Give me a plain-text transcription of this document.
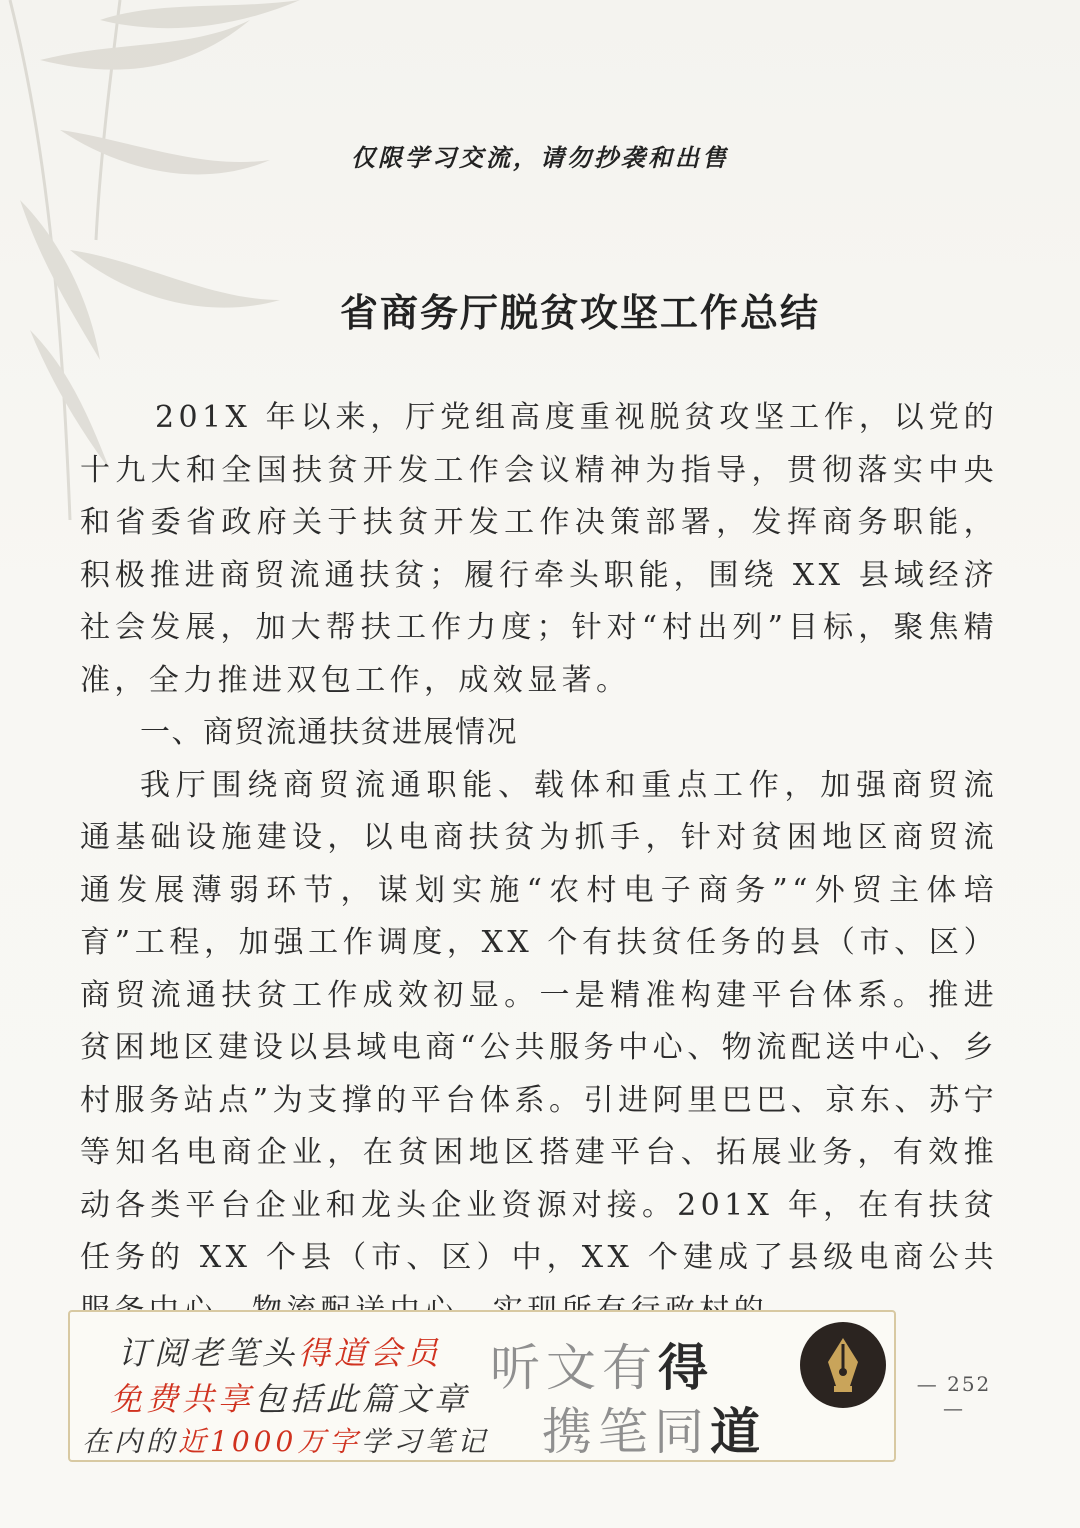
仅限学习交流，请勿抄袭和出售
省商务厅脱贫攻坚工作总结

201X 年以来，厅党组高度重视脱贫攻坚工作，以党的十九大和全国扶贫开发工作会议精神为指导，贯彻落实中央和省委省政府关于扶贫开发工作决策部署，发挥商务职能，积极推进商贸流通扶贫；履行牵头职能，围绕 XX 县域经济社会发展，加大帮扶工作力度；针对“村出列”目标，聚焦精准，全力推进双包工作，成效显著。

一、商贸流通扶贫进展情况

我厅围绕商贸流通职能、载体和重点工作，加强商贸流通基础设施建设，以电商扶贫为抓手，针对贫困地区商贸流通发展薄弱环节，谋划实施“农村电子商务”“外贸主体培育”工程，加强工作调度，XX 个有扶贫任务的县（市、区）商贸流通扶贫工作成效初显。一是精准构建平台体系。推进贫困地区建设以县域电商“公共服务中心、物流配送中心、乡村服务站点”为支撑的平台体系。引进阿里巴巴、京东、苏宁等知名电商企业，在贫困地区搭建平台、拓展业务，有效推动各类平台企业和龙头企业资源对接。201X 年，在有扶贫任务的 XX 个县（市、区）中，XX 个建成了县级电商公共

订阅老笔头得道会员
免费共享包括此篇文章
在内的近1000万字学习笔记
听文有得
携笔同道
— 252 —
